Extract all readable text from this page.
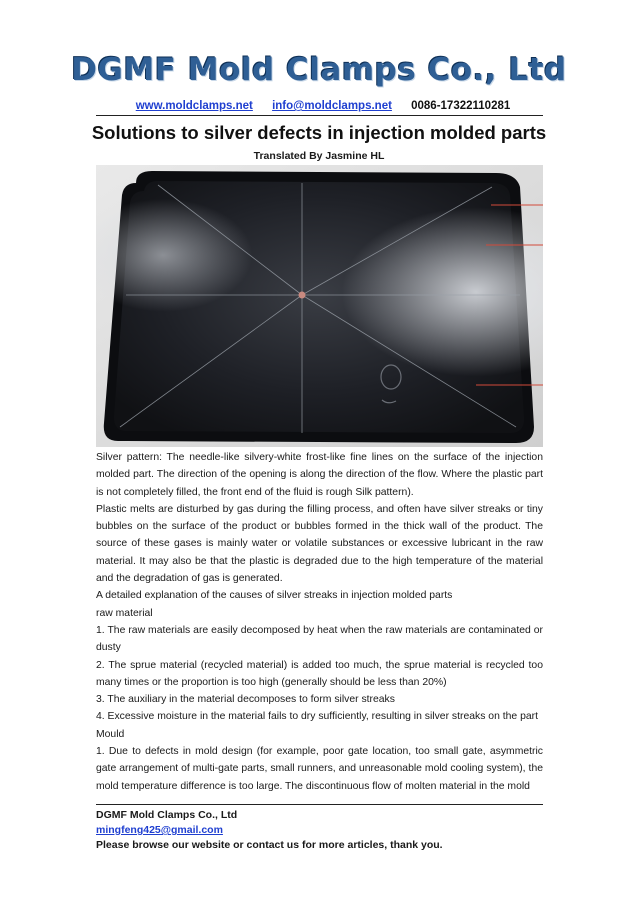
DGMF Mold Clamps Co., Ltd
www.moldclamps.net info@moldclamps.net 0086-17322110281
Solutions to silver defects in injection molded parts
Translated By Jasmine HL

Silver pattern: The needle-like silvery-white frost-like fine lines on the surface of the injection molded part. The direction of the opening is along the direction of the flow. Where the plastic part is not completely filled, the front end of the fluid is rough Silk pattern).

Plastic melts are disturbed by gas during the filling process, and often have silver streaks or tiny bubbles on the surface of the product or bubbles formed in the thick wall of the product. The source of these gases is mainly water or volatile substances or excessive lubricant in the raw material. It may also be that the plastic is degraded due to the high temperature of the material and the degradation of gas is generated.

A detailed explanation of the causes of silver streaks in injection molded parts

raw material

1. The raw materials are easily decomposed by heat when the raw materials are contaminated or dusty

2. The sprue material (recycled material) is added too much, the sprue material is recycled too many times or the proportion is too high (generally should be less than 20%)

3. The auxiliary in the material decomposes to form silver streaks

4. Excessive moisture in the material fails to dry sufficiently, resulting in silver streaks on the part

Mould

1. Due to defects in mold design (for example, poor gate location, too small gate, asymmetric gate arrangement of multi-gate parts, small runners, and unreasonable mold cooling system), the mold temperature difference is too large. The discontinuous flow of molten material in the mold

DGMF Mold Clamps Co., Ltd
mingfeng425@gmail.com
Please browse our website or contact us for more articles, thank you.
